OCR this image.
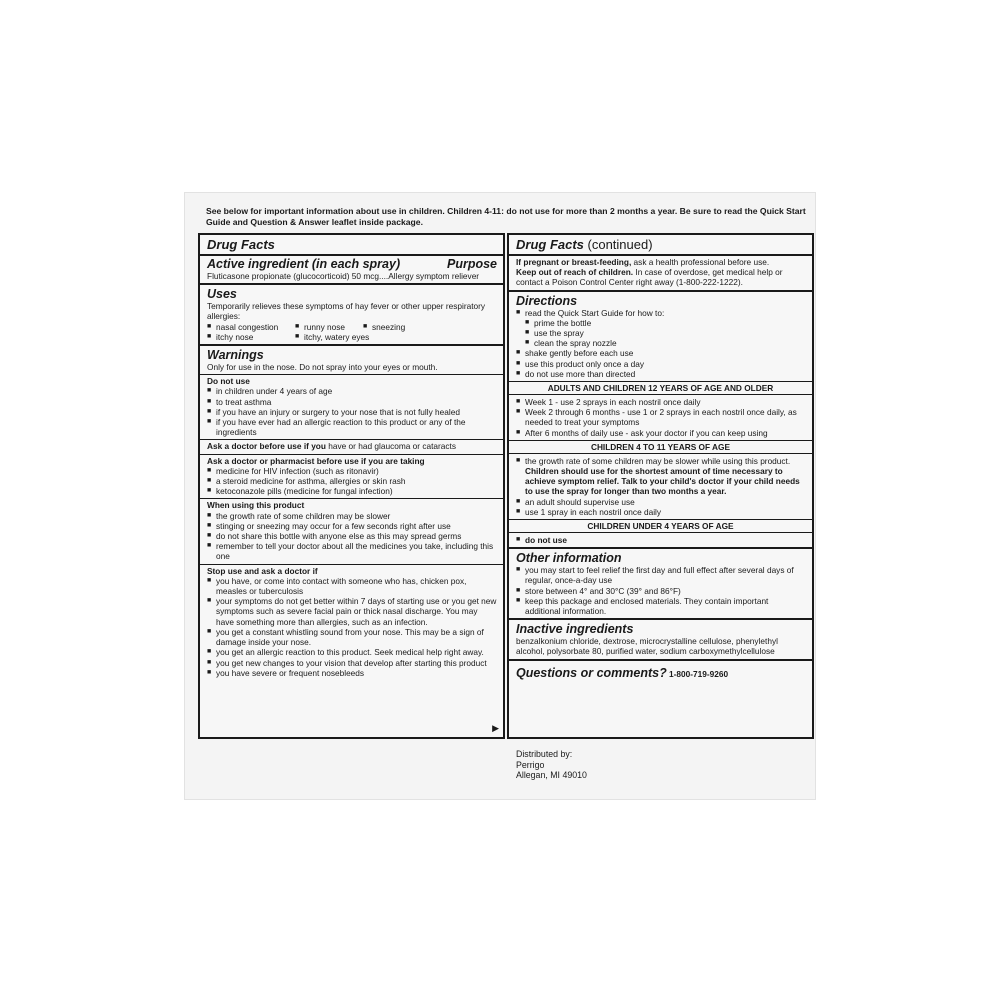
See below for important information about use in children. Children 4-11: do not use for more than 2 months a year. Be sure to read the Quick Start Guide and Question & Answer leaflet inside package.
Drug Facts
Active ingredient (in each spray)	Purpose
Fluticasone propionate (glucocorticoid) 50 mcg....Allergy symptom reliever
Uses
Temporarily relieves these symptoms of hay fever or other upper respiratory allergies:
■ nasal congestion	■ runny nose	■ sneezing
■ itchy nose	■ itchy, watery eyes
Warnings
Only for use in the nose. Do not spray into your eyes or mouth.
Do not use
■ in children under 4 years of age
■ to treat asthma
■ if you have an injury or surgery to your nose that is not fully healed
■ if you have ever had an allergic reaction to this product or any of the ingredients
Ask a doctor before use if you have or had glaucoma or cataracts
Ask a doctor or pharmacist before use if you are taking
■ medicine for HIV infection (such as ritonavir)
■ a steroid medicine for asthma, allergies or skin rash
■ ketoconazole pills (medicine for fungal infection)
When using this product
■ the growth rate of some children may be slower
■ stinging or sneezing may occur for a few seconds right after use
■ do not share this bottle with anyone else as this may spread germs
■ remember to tell your doctor about all the medicines you take, including this one
Stop use and ask a doctor if
■ you have, or come into contact with someone who has, chicken pox, measles or tuberculosis
■ your symptoms do not get better within 7 days of starting use or you get new symptoms such as severe facial pain or thick nasal discharge. You may have something more than allergies, such as an infection.
■ you get a constant whistling sound from your nose. This may be a sign of damage inside your nose.
■ you get an allergic reaction to this product. Seek medical help right away.
■ you get new changes to your vision that develop after starting this product
■ you have severe or frequent nosebleeds
▶
Drug Facts (continued)
If pregnant or breast-feeding, ask a health professional before use.
Keep out of reach of children. In case of overdose, get medical help or contact a Poison Control Center right away (1-800-222-1222).
Directions
■ read the Quick Start Guide for how to:
■ prime the bottle
■ use the spray
■ clean the spray nozzle
■ shake gently before each use
■ use this product only once a day
■ do not use more than directed
ADULTS AND CHILDREN 12 YEARS OF AGE AND OLDER
■ Week 1 - use 2 sprays in each nostril once daily
■ Week 2 through 6 months - use 1 or 2 sprays in each nostril once daily, as needed to treat your symptoms
■ After 6 months of daily use - ask your doctor if you can keep using
CHILDREN 4 TO 11 YEARS OF AGE
■ the growth rate of some children may be slower while using this product. Children should use for the shortest amount of time necessary to achieve symptom relief. Talk to your child's doctor if your child needs to use the spray for longer than two months a year.
■ an adult should supervise use
■ use 1 spray in each nostril once daily
CHILDREN UNDER 4 YEARS OF AGE
■ do not use
Other information
■ you may start to feel relief the first day and full effect after several days of regular, once-a-day use
■ store between 4° and 30°C (39° and 86°F)
■ keep this package and enclosed materials. They contain important additional information.
Inactive ingredients
benzalkonium chloride, dextrose, microcrystalline cellulose, phenylethyl alcohol, polysorbate 80, purified water, sodium carboxymethylcellulose
Questions or comments? 1-800-719-9260
Distributed by:
Perrigo
Allegan, MI 49010
